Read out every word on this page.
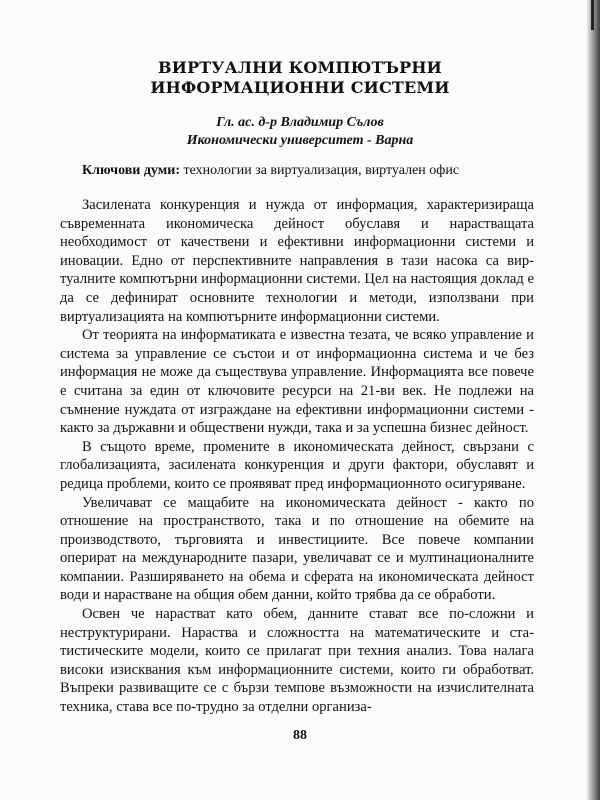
ВИРТУАЛНИ КОМПЮТЪРНИ
ИНФОРМАЦИОННИ СИСТЕМИ
Гл. ас. д-р Владимир Сълов
Икономически университет - Варна
Ключови думи: технологии за виртуализация, виртуален офис

Засилената конкуренция и нужда от информация, характеризираща съвременната икономическа дейност обуславя и нарастващата необходимост от качествени и ефективни информационни системи и иновации. Едно от перспективните направления в тази насока са виртуалните компютърни информационни системи. Цел на настоящия доклад е да се дефинират основните технологии и методи, използвани при виртуализацията на компютърните информационни системи.

От теорията на информатиката е известна тезата, че всяко управление и система за управление се състои и от информационна система и че без информация не може да съществува управление. Информацията все повече е считана за един от ключовите ресурси на 21-ви век. Не подлежи на съмнение нуждата от изграждане на ефективни информационни системи - както за държавни и обществени нужди, така и за успешна бизнес дейност.

В същото време, промените в икономическата дейност, свързани с глобализацията, засилената конкуренция и други фактори, обуславят и редица проблеми, които се проявяват пред информационното осигуряване.

Увеличават се мащабите на икономическата дейност - както по отношение на пространството, така и по отношение на обемите на производството, търговията и инвестициите. Все повече компании оперират на международните пазари, увеличават се и мултинационалните компании. Разширяването на обема и сферата на икономическата дейност води и нарастване на общия обем данни, който трябва да се обработи.

Освен че нарастват като обем, данните стават все по-сложни и неструктурирани. Нараства и сложността на математическите и статистическите модели, които се прилагат при техния анализ. Това налага високи изисквания към информационните системи, които ги обработват. Въпреки развиващите се с бързи темпове възможности на изчислителната техника, става все по-трудно за отделни организа-

88
